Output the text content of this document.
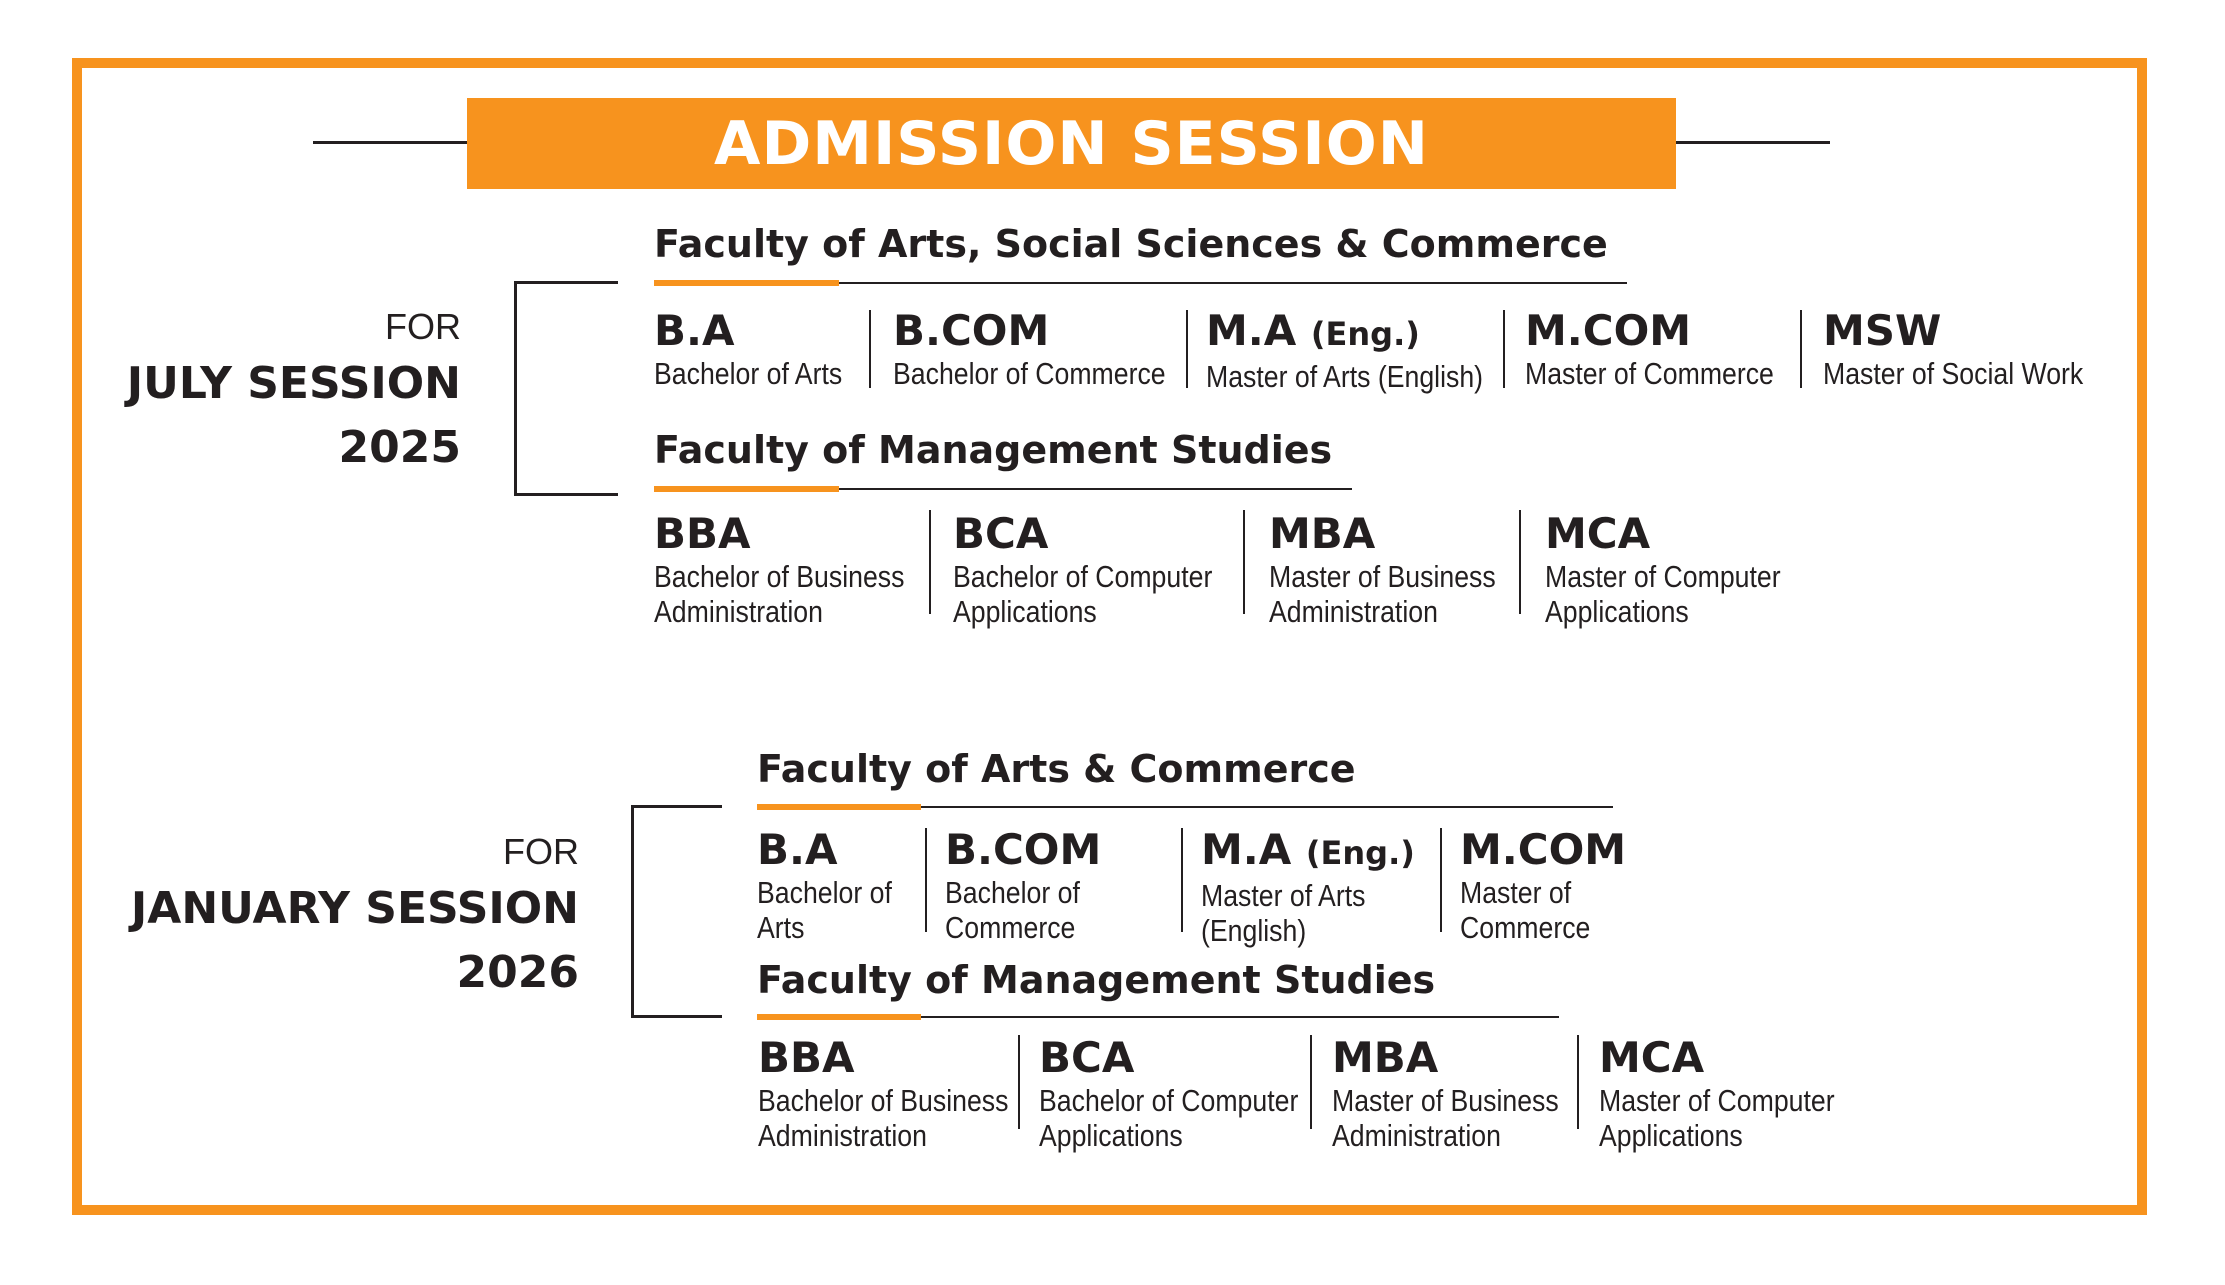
ADMISSION SESSION
FOR
JULY SESSION
2025
Faculty of Arts, Social Sciences & Commerce
B.A
Bachelor of Arts
B.COM
Bachelor of Commerce
M.A (Eng.)
Master of Arts (English)
M.COM
Master of Commerce
MSW
Master of Social Work
Faculty of Management Studies
BBA
Bachelor of Business
Administration
BCA
Bachelor of Computer
Applications
MBA
Master of Business
Administration
MCA
Master of Computer
Applications
FOR
JANUARY SESSION
2026
Faculty of Arts & Commerce
B.A
Bachelor of
Arts
B.COM
Bachelor of
Commerce
M.A (Eng.)
Master of Arts
(English)
M.COM
Master of
Commerce
Faculty of Management Studies
BBA
Bachelor of Business
Administration
BCA
Bachelor of Computer
Applications
MBA
Master of Business
Administration
MCA
Master of Computer
Applications
